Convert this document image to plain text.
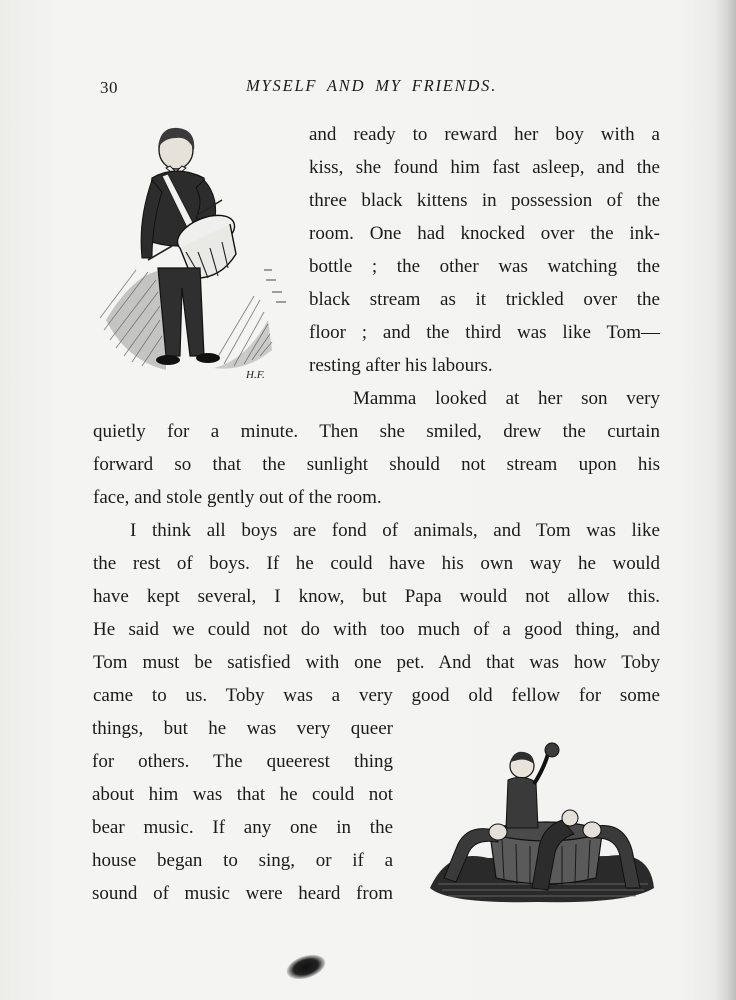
30	MYSELF AND MY FRIENDS.
H.F.
and ready to reward her boy with a
kiss, she found him fast asleep, and the
three black kittens in possession of the
room. One had knocked over the ink-
bottle ; the other was watching the
black stream as it trickled over the
floor ; and the third was like Tom—
resting after his labours.
Mamma looked at her son very
quietly for a minute. Then she smiled, drew the curtain
forward so that the sunlight should not stream upon his
face, and stole gently out of the room.
I think all boys are fond of animals, and Tom was like
the rest of boys. If he could have his own way he would
have kept several, I know, but Papa would not allow this.
He said we could not do with too much of a good thing, and
Tom must be satisfied with one pet. And that was how Toby
came to us. Toby was a very good old fellow for some
things, but he was very queer
for others. The queerest thing
about him was that he could not
bear music. If any one in the
house began to sing, or if a
sound of music were heard from
